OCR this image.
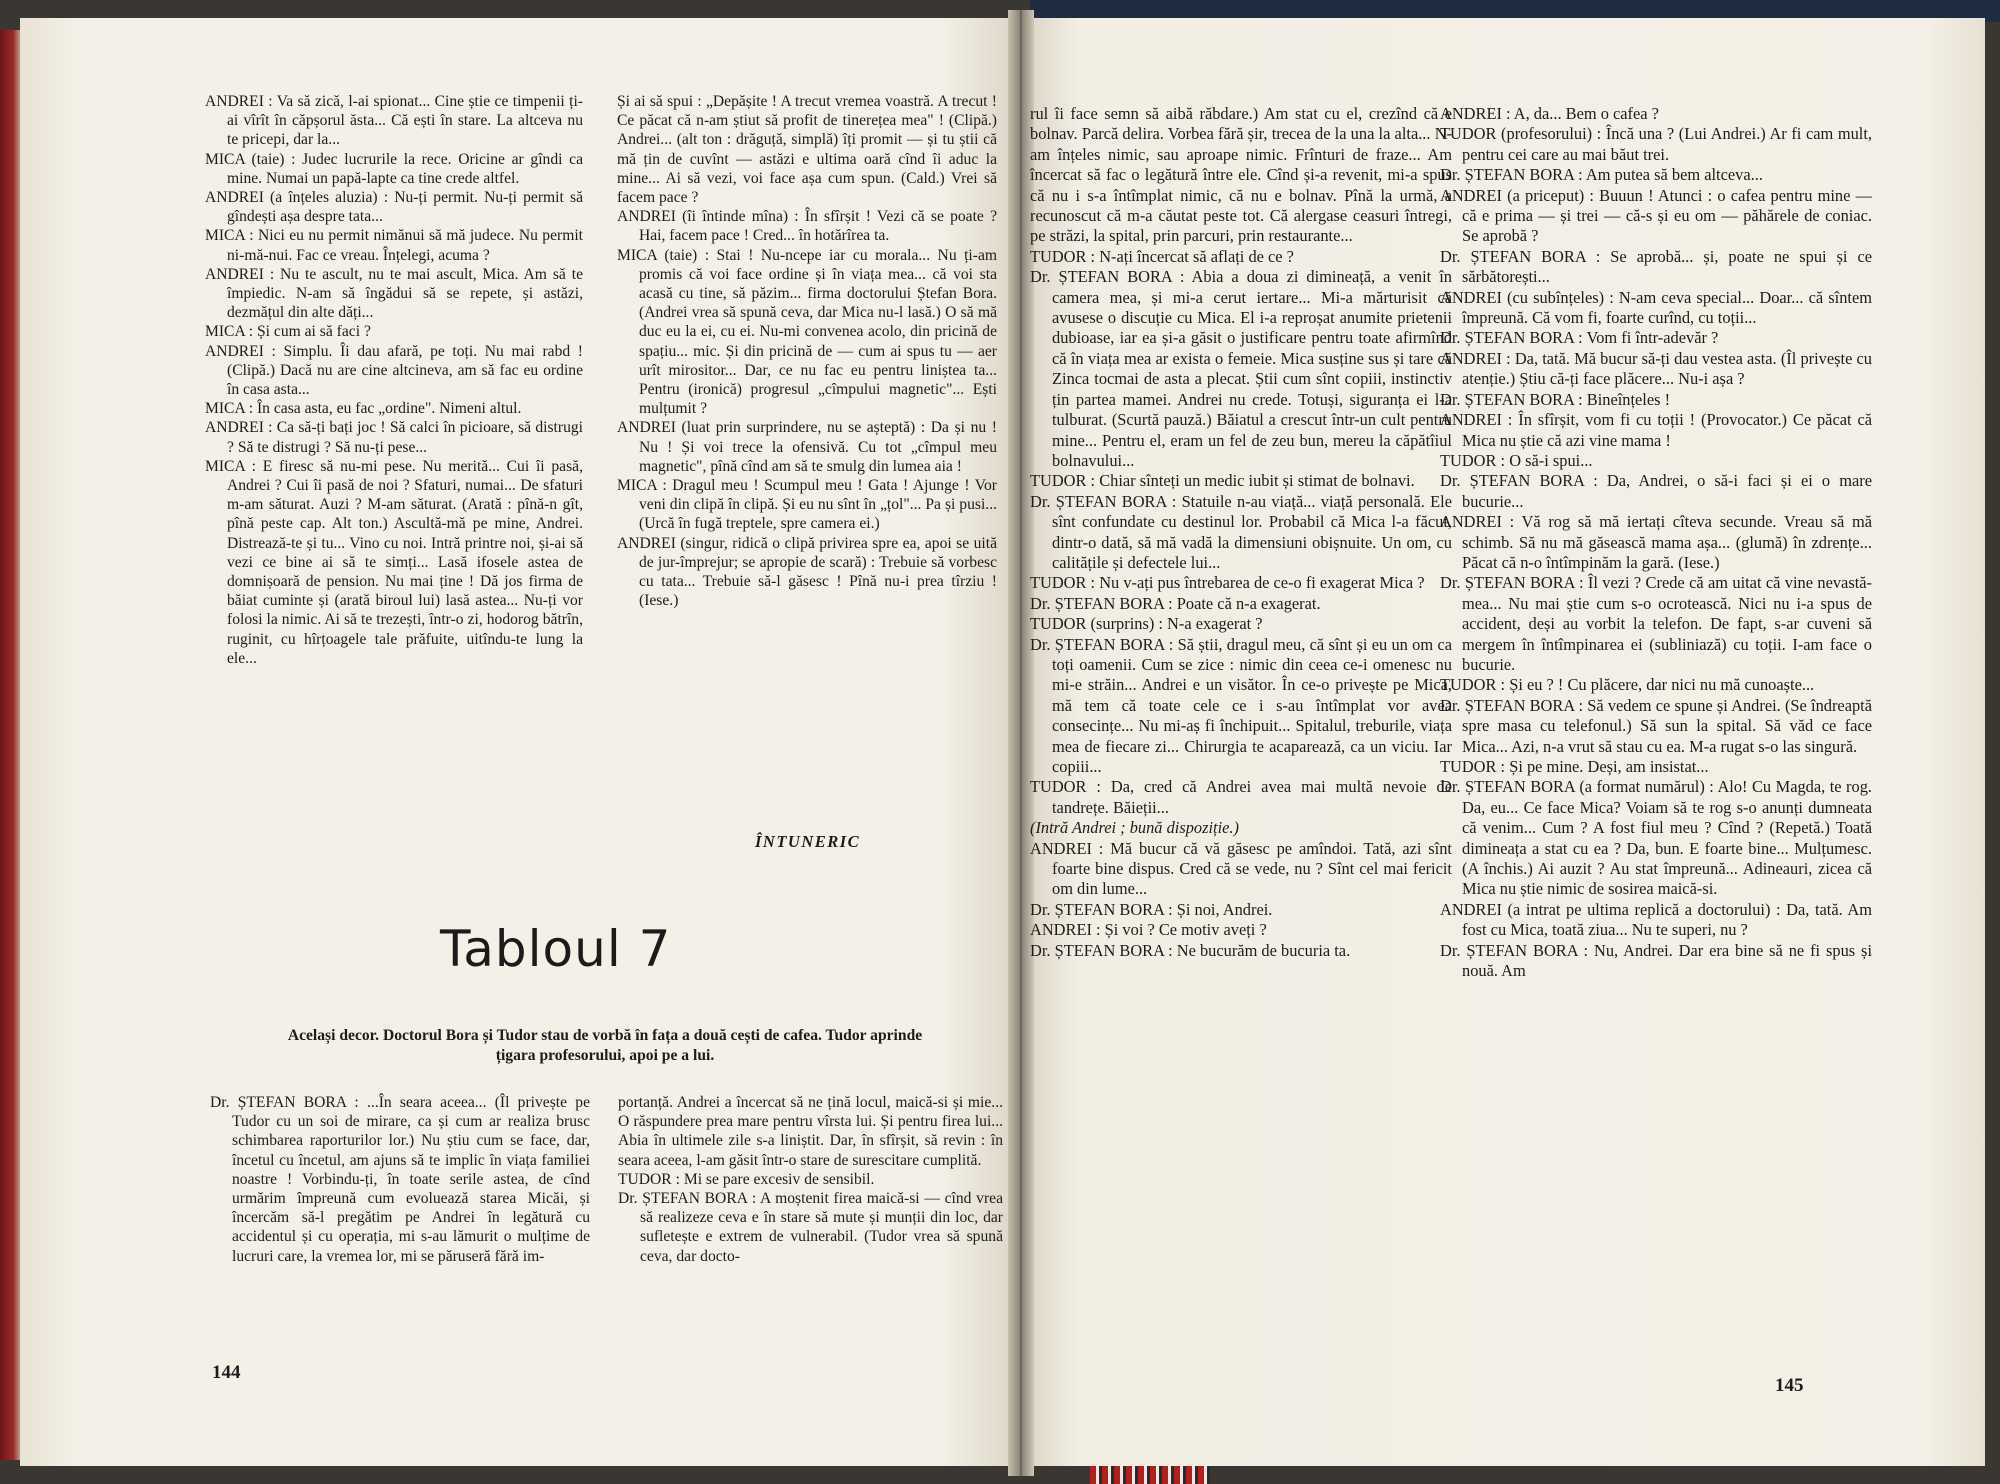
ANDREI : Va să zică, l-ai spionat... Cine știe ce timpenii ți-ai vîrît în căpșorul ăsta... Că ești în stare. La altceva nu te pricepi, dar la...

MICA (taie) : Judec lucrurile la rece. Oricine ar gîndi ca mine. Numai un papă-lapte ca tine crede altfel.

ANDREI (a înțeles aluzia) : Nu-ți permit. Nu-ți permit să gîndești așa despre tata...

MICA : Nici eu nu permit nimănui să mă judece. Nu permit ni-mă-nui. Fac ce vreau. Înțelegi, acuma ?

ANDREI : Nu te ascult, nu te mai ascult, Mica. Am să te împiedic. N-am să îngădui să se repete, și astăzi, dezmățul din alte dăți...

MICA : Și cum ai să faci ?

ANDREI : Simplu. Îi dau afară, pe toți. Nu mai rabd ! (Clipă.) Dacă nu are cine altcineva, am să fac eu ordine în casa asta...

MICA : În casa asta, eu fac „ordine". Nimeni altul.

ANDREI : Ca să-ți bați joc ! Să calci în picioare, să distrugi ? Să te distrugi ? Să nu-ți pese...

MICA : E firesc să nu-mi pese. Nu merită... Cui îi pasă, Andrei ? Cui îi pasă de noi ? Sfaturi, numai... De sfaturi m-am săturat. Auzi ? M-am săturat. (Arată : pînă-n gît, pînă peste cap. Alt ton.) Ascultă-mă pe mine, Andrei. Distrează-te și tu... Vino cu noi. Intră printre noi, și-ai să vezi ce bine ai să te simți... Lasă ifosele astea de domnișoară de pension. Nu mai ține ! Dă jos firma de băiat cuminte și (arată biroul lui) lasă astea... Nu-ți vor folosi la nimic. Ai să te trezești, într-o zi, hodorog bătrîn, ruginit, cu hîrțoagele tale prăfuite, uitîndu-te lung la ele...

Și ai să spui : „Depășite ! A trecut vremea voastră. A trecut ! Ce păcat că n-am știut să profit de tinerețea mea" ! (Clipă.) Andrei... (alt ton : drăguță, simplă) îți promit — și tu știi că mă țin de cuvînt — astăzi e ultima oară cînd îi aduc la mine... Ai să vezi, voi face așa cum spun. (Cald.) Vrei să facem pace ?

ANDREI (îi întinde mîna) : În sfîrșit ! Vezi că se poate ? Hai, facem pace ! Cred... în hotărîrea ta.

MICA (taie) : Stai ! Nu-ncepe iar cu morala... Nu ți-am promis că voi face ordine și în viața mea... că voi sta acasă cu tine, să păzim... firma doctorului Ștefan Bora. (Andrei vrea să spună ceva, dar Mica nu-l lasă.) O să mă duc eu la ei, cu ei. Nu-mi convenea acolo, din pricină de spațiu... mic. Și din pricină de — cum ai spus tu — aer urît mirositor... Dar, ce nu fac eu pentru liniștea ta... Pentru (ironică) progresul „cîmpului magnetic"... Ești mulțumit ?

ANDREI (luat prin surprindere, nu se așteptă) : Da și nu ! Nu ! Și voi trece la ofensivă. Cu tot „cîmpul meu magnetic", pînă cînd am să te smulg din lumea aia !

MICA : Dragul meu ! Scumpul meu ! Gata ! Ajunge ! Vor veni din clipă în clipă. Și eu nu sînt în „țol"... Pa și pusi... (Urcă în fugă treptele, spre camera ei.)

ANDREI (singur, ridică o clipă privirea spre ea, apoi se uită de jur-împrejur; se apropie de scară) : Trebuie să vorbesc cu tata... Trebuie să-l găsesc ! Pînă nu-i prea tîrziu ! (Iese.)

ÎNTUNERIC
Tabloul 7
Același decor. Doctorul Bora și Tudor stau de vorbă în fața a două cești de cafea. Tudor aprinde țigara profesorului, apoi pe a lui.

Dr. ȘTEFAN BORA : ...În seara aceea... (Îl privește pe Tudor cu un soi de mirare, ca și cum ar realiza brusc schimbarea raporturilor lor.) Nu știu cum se face, dar, încetul cu încetul, am ajuns să te implic în viața familiei noastre ! Vorbindu-ți, în toate serile astea, de cînd urmărim împreună cum evoluează starea Micăi, și încercăm să-l pregătim pe Andrei în legătură cu accidentul și cu operația, mi s-au lămurit o mulțime de lucruri care, la vremea lor, mi se păruseră fără im-

portanță. Andrei a încercat să ne țină locul, maică-si și mie... O răspundere prea mare pentru vîrsta lui. Și pentru firea lui... Abia în ultimele zile s-a liniștit. Dar, în sfîrșit, să revin : în seara aceea, l-am găsit într-o stare de surescitare cumplită.

TUDOR : Mi se pare excesiv de sensibil.

Dr. ȘTEFAN BORA : A moștenit firea maică-si — cînd vrea să realizeze ceva e în stare să mute și munții din loc, dar sufletește e extrem de vulnerabil. (Tudor vrea să spună ceva, dar docto-

144

rul îi face semn să aibă răbdare.) Am stat cu el, crezînd că e bolnav. Parcă delira. Vorbea fără șir, trecea de la una la alta... N-am înțeles nimic, sau aproape nimic. Frînturi de fraze... Am încercat să fac o legătură între ele. Cînd și-a revenit, mi-a spus că nu i s-a întîmplat nimic, că nu e bolnav. Pînă la urmă, a recunoscut că m-a căutat peste tot. Că alergase ceasuri întregi, pe străzi, la spital, prin parcuri, prin restaurante...

TUDOR : N-ați încercat să aflați de ce ?

Dr. ȘTEFAN BORA : Abia a doua zi dimineață, a venit în camera mea, și mi-a cerut iertare... Mi-a mărturisit că avusese o discuție cu Mica. El i-a reproșat anumite prietenii dubioase, iar ea și-a găsit o justificare pentru toate afirmînd că în viața mea ar exista o femeie. Mica susține sus și tare că Zinca tocmai de asta a plecat. Știi cum sînt copiii, instinctiv țin partea mamei. Andrei nu crede. Totuși, siguranța ei l-a tulburat. (Scurtă pauză.) Băiatul a crescut într-un cult pentru mine... Pentru el, eram un fel de zeu bun, mereu la căpătîiul bolnavului...

TUDOR : Chiar sînteți un medic iubit și stimat de bolnavi.

Dr. ȘTEFAN BORA : Statuile n-au viață... viață personală. Ele sînt confundate cu destinul lor. Probabil că Mica l-a făcut, dintr-o dată, să mă vadă la dimensiuni obișnuite. Un om, cu calitățile și defectele lui...

TUDOR : Nu v-ați pus întrebarea de ce-o fi exagerat Mica ?

Dr. ȘTEFAN BORA : Poate că n-a exagerat.

TUDOR (surprins) : N-a exagerat ?

Dr. ȘTEFAN BORA : Să știi, dragul meu, că sînt și eu un om ca toți oamenii. Cum se zice : nimic din ceea ce-i omenesc nu mi-e străin... Andrei e un visător. În ce-o privește pe Mica, mă tem că toate cele ce i s-au întîmplat vor avea consecințe... Nu mi-aș fi închipuit... Spitalul, treburile, viața mea de fiecare zi... Chirurgia te acaparează, ca un viciu. Iar copiii...

TUDOR : Da, cred că Andrei avea mai multă nevoie de tandrețe. Băieții...

(Intră Andrei ; bună dispoziție.)

ANDREI : Mă bucur că vă găsesc pe amîndoi. Tată, azi sînt foarte bine dispus. Cred că se vede, nu ? Sînt cel mai fericit om din lume...

Dr. ȘTEFAN BORA : Și noi, Andrei.

ANDREI : Și voi ? Ce motiv aveți ?

Dr. ȘTEFAN BORA : Ne bucurăm de bucuria ta.

ANDREI : A, da... Bem o cafea ?

TUDOR (profesorului) : Încă una ? (Lui Andrei.) Ar fi cam mult, pentru cei care au mai băut trei.

Dr. ȘTEFAN BORA : Am putea să bem altceva...

ANDREI (a priceput) : Buuun ! Atunci : o cafea pentru mine — că e prima — și trei — că-s și eu om — păhărele de coniac. Se aprobă ?

Dr. ȘTEFAN BORA : Se aprobă... și, poate ne spui și ce sărbătorești...

ANDREI (cu subînțeles) : N-am ceva special... Doar... că sîntem împreună. Că vom fi, foarte curînd, cu toții...

Dr. ȘTEFAN BORA : Vom fi într-adevăr ?

ANDREI : Da, tată. Mă bucur să-ți dau vestea asta. (Îl privește cu atenție.) Știu că-ți face plăcere... Nu-i așa ?

Dr. ȘTEFAN BORA : Bineînțeles !

ANDREI : În sfîrșit, vom fi cu toții ! (Provocator.) Ce păcat că Mica nu știe că azi vine mama !

TUDOR : O să-i spui...

Dr. ȘTEFAN BORA : Da, Andrei, o să-i faci și ei o mare bucurie...

ANDREI : Vă rog să mă iertați cîteva secunde. Vreau să mă schimb. Să nu mă găsească mama așa... (glumă) în zdrențe... Păcat că n-o întîmpinăm la gară. (Iese.)

Dr. ȘTEFAN BORA : Îl vezi ? Crede că am uitat că vine nevastă-mea... Nu mai știe cum s-o ocrotească. Nici nu i-a spus de accident, deși au vorbit la telefon. De fapt, s-ar cuveni să mergem în întîmpinarea ei (subliniază) cu toții. I-am face o bucurie.

TUDOR : Și eu ? ! Cu plăcere, dar nici nu mă cunoaște...

Dr. ȘTEFAN BORA : Să vedem ce spune și Andrei. (Se îndreaptă spre masa cu telefonul.) Să sun la spital. Să văd ce face Mica... Azi, n-a vrut să stau cu ea. M-a rugat s-o las singură.

TUDOR : Și pe mine. Deși, am insistat...

Dr. ȘTEFAN BORA (a format numărul) : Alo! Cu Magda, te rog. Da, eu... Ce face Mica? Voiam să te rog s-o anunți dumneata că venim... Cum ? A fost fiul meu ? Cînd ? (Repetă.) Toată dimineața a stat cu ea ? Da, bun. E foarte bine... Mulțumesc. (A închis.) Ai auzit ? Au stat împreună... Adineauri, zicea că Mica nu știe nimic de sosirea maică-si.

ANDREI (a intrat pe ultima replică a doctorului) : Da, tată. Am fost cu Mica, toată ziua... Nu te superi, nu ?

Dr. ȘTEFAN BORA : Nu, Andrei. Dar era bine să ne fi spus și nouă. Am

145
